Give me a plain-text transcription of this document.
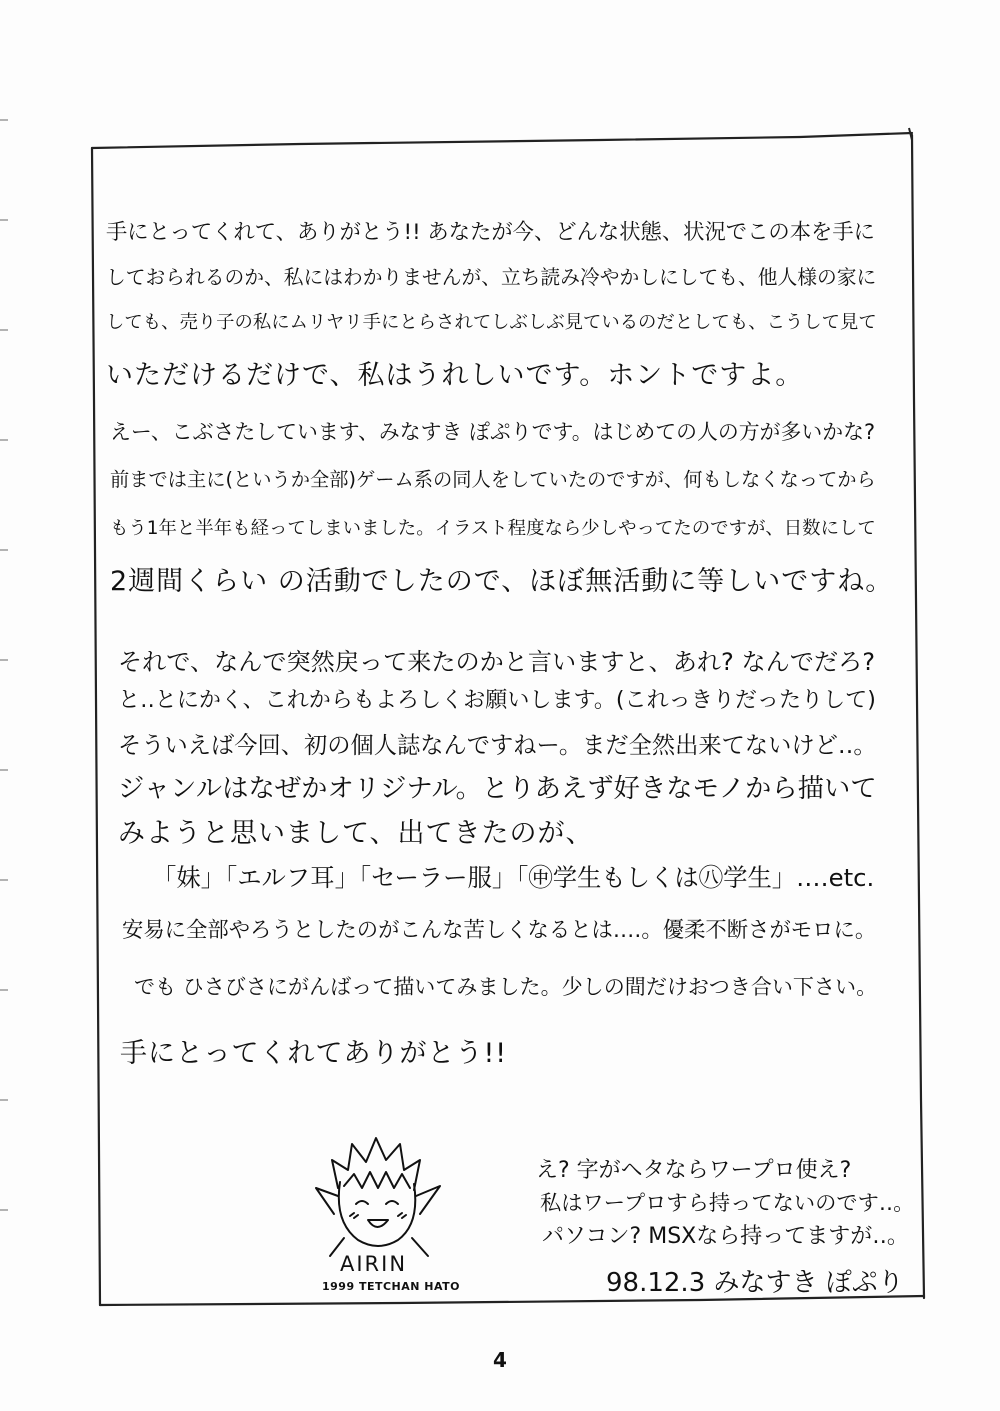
手にとってくれて、ありがとう!! あなたが今、どんな状態、状況でこの本を手に
しておられるのか、私にはわかりませんが、立ち読み冷やかしにしても、他人様の家に
しても、売り子の私にムリヤリ手にとらされてしぶしぶ見ているのだとしても、こうして見て
いただけるだけで、私はうれしいです。ホントですよ。
えー、こぶさたしています、みなすき ぽぷりです。はじめての人の方が多いかな?
前までは主に(というか全部)ゲーム系の同人をしていたのですが、何もしなくなってから
もう1年と半年も経ってしまいました。イラスト程度なら少しやってたのですが、日数にして
2週間くらい の活動でしたので、ほぼ無活動に等しいですね。
それで、なんで突然戻って来たのかと言いますと、あれ? なんでだろ?
と‥とにかく、これからもよろしくお願いします。(これっきりだったりして)
そういえば今回、初の個人誌なんですねー。まだ全然出来てないけど‥。
ジャンルはなぜかオリジナル。とりあえず好きなモノから描いて
みようと思いまして、出てきたのが、
「妹」「エルフ耳」「セーラー服」「㊥学生もしくは㊇学生」‥‥etc.
安易に全部やろうとしたのがこんな苦しくなるとは‥‥。優柔不断さがモロに。
でも ひさびさにがんばって描いてみました。少しの間だけおつき合い下さい。
手にとってくれてありがとう!!
AIRIN
1999 TETCHAN HATO
え? 字がヘタならワープロ使え?
私はワープロすら持ってないのです‥。
パソコン? MSXなら持ってますが‥。
98.12.3 みなすき ぽぷり
4
